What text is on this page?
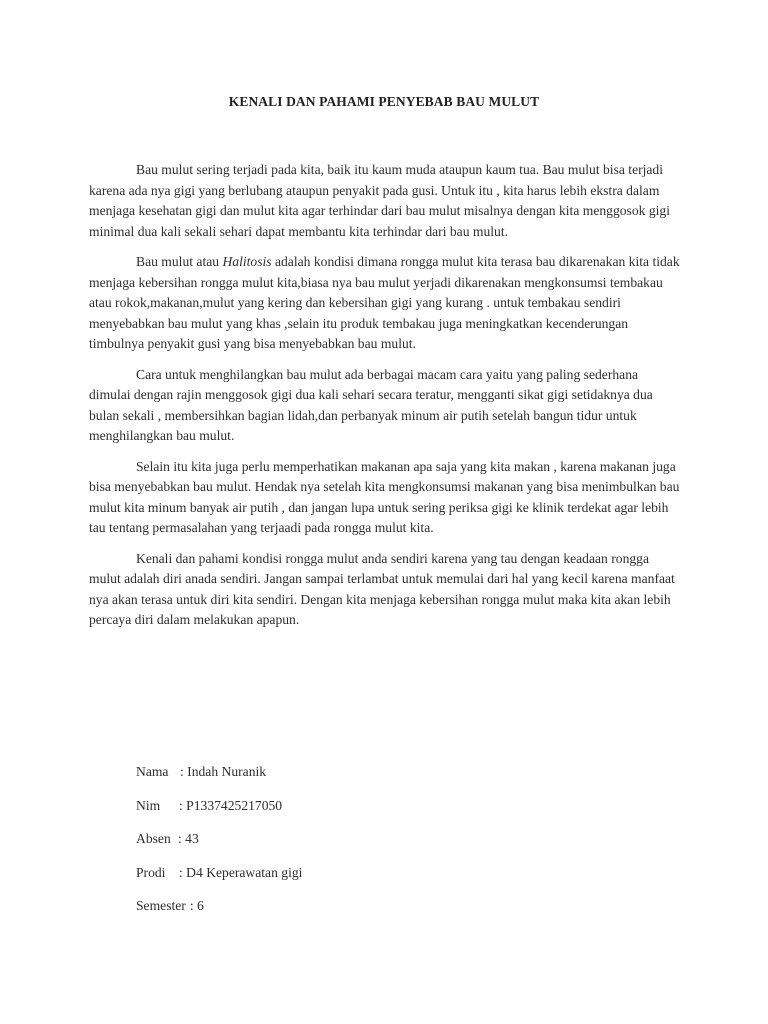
KENALI DAN PAHAMI PENYEBAB BAU MULUT

Bau mulut sering terjadi pada kita, baik itu kaum muda ataupun kaum tua. Bau mulut bisa terjadi karena ada nya gigi yang berlubang ataupun penyakit pada gusi. Untuk itu , kita harus lebih ekstra dalam menjaga kesehatan gigi dan mulut kita agar terhindar dari bau mulut misalnya dengan kita menggosok gigi minimal dua kali sekali sehari dapat membantu kita terhindar dari bau mulut.

Bau mulut atau Halitosis adalah kondisi dimana rongga mulut kita terasa bau dikarenakan kita tidak menjaga kebersihan rongga mulut kita,biasa nya bau mulut yerjadi dikarenakan mengkonsumsi tembakau atau rokok,makanan,mulut yang kering dan kebersihan gigi yang kurang . untuk tembakau sendiri menyebabkan bau mulut yang khas ,selain itu produk tembakau juga meningkatkan kecenderungan timbulnya penyakit gusi yang bisa menyebabkan bau mulut.

Cara untuk menghilangkan bau mulut ada berbagai macam cara yaitu yang paling sederhana dimulai dengan rajin menggosok gigi dua kali sehari secara teratur, mengganti sikat gigi setidaknya dua bulan sekali , membersihkan bagian lidah,dan perbanyak minum air putih setelah bangun tidur untuk menghilangkan bau mulut.

Selain itu kita juga perlu memperhatikan makanan apa saja yang kita makan , karena makanan juga bisa menyebabkan bau mulut. Hendak nya setelah kita mengkonsumsi makanan yang bisa menimbulkan bau mulut kita minum banyak air putih , dan jangan lupa untuk sering periksa gigi ke klinik terdekat agar lebih tau tentang permasalahan yang terjaadi pada rongga mulut kita.

Kenali dan pahami kondisi rongga mulut anda sendiri karena yang tau dengan keadaan rongga mulut adalah diri anada sendiri. Jangan sampai terlambat untuk memulai dari hal yang kecil karena manfaat nya akan terasa untuk diri kita sendiri. Dengan kita menjaga kebersihan rongga mulut maka kita akan lebih percaya diri dalam melakukan apapun.

Nama : Indah Nuranik
Nim : P1337425217050
Absen : 43
Prodi : D4 Keperawatan gigi
Semester : 6
